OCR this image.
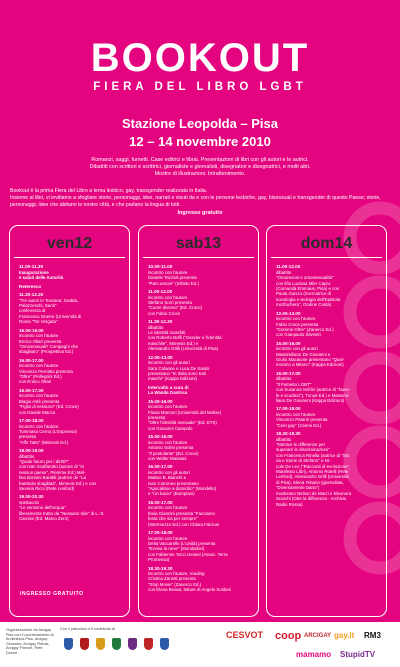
BOOKOUT
FIERA DEL LIBRO LGBT
Stazione Leopolda – Pisa
12 – 14 novembre 2010
Romanzi, saggi, fumetti. Case editrici e librai. Presentazioni di libri con gli autori e le autrici.
Dibattiti con scrittori e scrittrici, giornaliste e giornalisti, disegnatori e disegnatrici, e molti altri.
Mostre di illustrazioni. Intrattenimento.
Bookout è la prima Fiera del Libro a tema lesbico, gay, transgender realizzata in Italia.
Insieme ai libri, vi invitiamo a sfogliare storie, personaggi, idee, narrati e visuti da e con le persone lesbiche, gay, bisessuali e transgender di questo Paese; storie, personaggi, idee che abitano le nostre città, e che parlano la lingua di tutti.
Ingresso gratuito
ven12
11.00-11.30
Inaugurazione
e saluti delle Autorità
Reteresco
11.30-12.30
"Tre autori in Toscana: Gadda,
Palazzeschi, Santi"
conferenza di
Francesco Gnerre (Università di
Roma "Tor Vergata"
15.00-16.00
incontro con l'autore
Enrico Oliari presenta
"Omosessuali? Compagni che
sbagliano" (Prospettiva Ed.)
16.00-17.00
incontro con l'autore
Vincenzo Perrottis presenta
"Oltre" (Pellegrini Ed.)
con Enrico Oliari
16.00-17.00
incontro con l'autore
Biagio Astè presenta
"Figlio di nessuno" (Ed. Croce)
con Davide Macca
17.00-18.00
incontro con l'autore
Tommaso Cerno (L'Espresso)
presenta
"Affe Tatts" (Mimesis Ed.)
18.00-19.00
dibattito
"Quale futuro per i diritti?"
con Ivan Scalfarotto (autore di "In
nessun paese", Piemme Ed.) Mel-
lina Bonsini Barabli (autrice de "La
bambola sbagliata", Mimesis Ed.) e con
Severia Ricci (Rete Lenford)
19.00-20.30
spettacolo
"Le versione dell'acqua"
liberamente tratto da "Nessuno ride" di L.-S.
Carnise (Ed. Marco Zero)
sab13
10.00-11.00
incontro con l'autore
Daniele Tazzioli presenta
"Paro amore" (Infinito Ed.)
11.00-12.00
incontro con l'autore
Stefano Sorri presenta
"Cuore diverso" (Ed. Croce)
con Fabio Croce
11.30-12.30
dibattito
Le identità maschili
con Roberto Boffi ("Gender e l'identità
maschile", Mimesis Ed.) e
Alessandro Grilli (Università di Pisa)
12.00-13.00
incontro con gli autori
Sara Colaone e Luca De Santis
presentano "In Italia sono tutti
maschi" (Kappa Edizioni)
Intervallo a cura di
La Wanda Gastrica
15.00-16.00
incontro con l'autore
Flavia Monceri (Università del Molise)
presenta
"Oltre l'identità sessuale" (Ed. ETS)
con Giovanni Campolo
15.00-16.00
incontro con l'autore
Antonio Solmi presenta
"Il postulante" (Ed. Croce)
con Walter Massani
16.00-17.00
incontro con gli autori
Matteo B. Bianchi e
Ivan Cotroneo presentano
"Apocalisse a domicilio" (Mondello)
e "Un bacio" (Bompiani)
16.00-17.00
incontro con l'autore
Ilaria Giannini presenta "Facciamo
festa che sia per sempre"
(Intermezzo Ed.) con Chiara Falcioni
17.00-18.00
incontro con l'autore
Delia Vaccarello (L'Unità) presenta
"Evviva la neve" (Mondadori)
con Fabienne Tocci Gessel (Assoc. Terra
Promessa)
18.30-19.30
incontro con l'autore, reading
Cristina Zanetti presenta
"Stop Movie" (Zanerco Ed.)
con Elena Beasa, letture di Angelo Soldani
dom14
11.00-12.00
dibattito
"Omonerosi e omosessualità"
con il/la Luciana Mler Capro
(Comunità Emmaus, Pisa) e con
Paola Gaiszo (ricercatrice di
sociologia e teologia dell'Epistola
mozfuchera", Ondine Costa)
12.00-13.00
incontro con l'autore
Fabio Croce presenta
"Gomme Oltre" (Zanerco Ed.)
con Gianpaolo Silvestri
15.00-16.00
incontro con gli autori
Massimiliano De Giovanni e
Giulio Macaione presentano "Qual-
morano a Milano" (Kappa Edizioni)
16.00-17.00
dibattito
"Il Fumetto LGBT"
con Susanna Sofrini (autrice di "Nuvo-
le e scudisci"), Tunuè Ed.) e Massimi-
liano De Giovanni (Kappa Edizioni)
17.00-18.00
incontro con l'autore
Vincenzo Patanè presenta
"Ceet gay" (Ceemi Ed.)
18.30-19.30
dibattito
"Narrare le differenze per
superare le discriminazioni"
con Francesca Rinella (autrice di "Sto
ria e Storie di Stefano" e Ni-
cole De Leo ("Racconti di evoluzione",
Manifesto Libri), Antonio Rotelli (Rete
Lenford), Alessandro Grilli (Università
di Pisa), Elena Tebano (giornalista,
"Diversamente Dario")
moderano Nelson de Marzi e Eleonora
Scarchi (Otre la differenza - Archivio
Radio Rossa)
INGRESSO GRATUITO
Organizzazione da Arcigay Pisa con il coordinamento di Arcilesbica Pisa, Arcigay Grosseto, Arcigay Pistoia, Arcigay Firenze, Rete Donne
Con il patrocinio e il contributo di
CESVOT coop ARCIGAY gay.it RM3
mamamo StupidTV
